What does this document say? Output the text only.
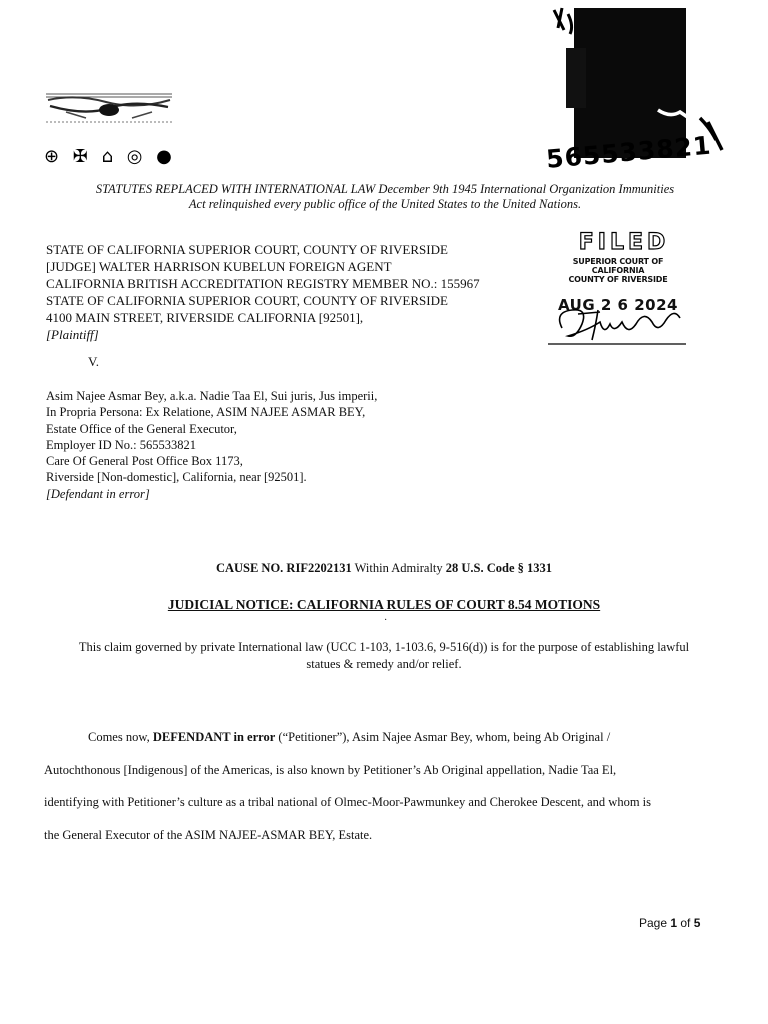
⊕ ✠ ⌂ ◎ ●	565533821
STATUTES REPLACED WITH INTERNATIONAL LAW December 9th 1945 International Organization Immunities
Act relinquished every public office of the United States to the United Nations.
STATE OF CALIFORNIA SUPERIOR COURT, COUNTY OF RIVERSIDE
[JUDGE] WALTER HARRISON KUBELUN FOREIGN AGENT
CALIFORNIA BRITISH ACCREDITATION REGISTRY MEMBER NO.: 155967
STATE OF CALIFORNIA SUPERIOR COURT, COUNTY OF RIVERSIDE
4100 MAIN STREET, RIVERSIDE CALIFORNIA [92501],
[Plaintiff]
FILED
SUPERIOR COURT OF CALIFORNIA
COUNTY OF RIVERSIDE
AUG 2 6 2024
V.
Asim Najee Asmar Bey, a.k.a. Nadie Taa El, Sui juris, Jus imperii,
In Propria Persona: Ex Relatione, ASIM NAJEE ASMAR BEY,
Estate Office of the General Executor,
Employer ID No.: 565533821
Care Of General Post Office Box 1173,
Riverside [Non-domestic], California, near [92501].
[Defendant in error]
CAUSE NO. RIF2202131 Within Admiralty 28 U.S. Code § 1331
JUDICIAL NOTICE: CALIFORNIA RULES OF COURT 8.54 MOTIONS
·
This claim governed by private International law (UCC 1-103, 1-103.6, 9-516(d)) is for the purpose of establishing lawful
statues & remedy and/or relief.
Comes now, DEFENDANT in error (“Petitioner”), Asim Najee Asmar Bey, whom, being Ab Original /
Autochthonous [Indigenous] of the Americas, is also known by Petitioner’s Ab Original appellation, Nadie Taa El,
identifying with Petitioner’s culture as a tribal national of Olmec-Moor-Pawmunkey and Cherokee Descent, and whom is
the General Executor of the ASIM NAJEE-ASMAR BEY, Estate.
Page 1 of 5
